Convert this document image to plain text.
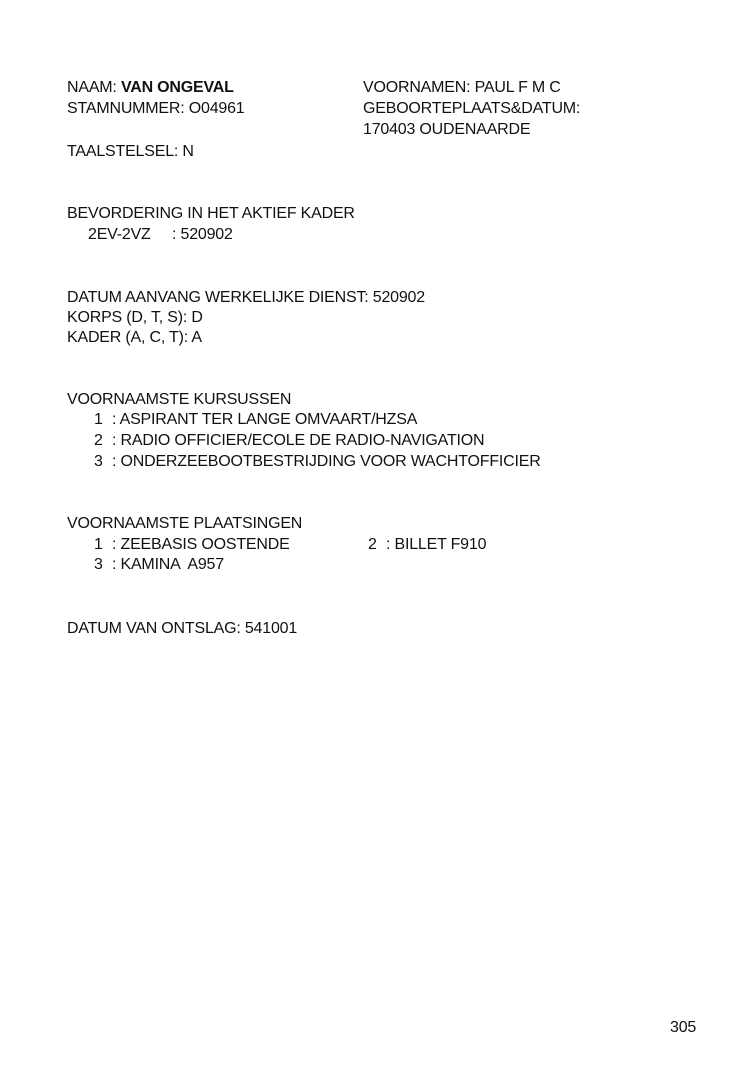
NAAM: VAN ONGEVAL
STAMNUMMER: O04961
TAALSTELSEL: N
VOORNAMEN: PAUL F M C
GEBOORTEPLAATS&DATUM:
170403 OUDENAARDE
BEVORDERING IN HET AKTIEF KADER
2EV-2VZ : 520902
DATUM AANVANG WERKELIJKE DIENST: 520902
KORPS (D, T, S): D
KADER (A, C, T): A
VOORNAAMSTE KURSUSSEN
1 : ASPIRANT TER LANGE OMVAART/HZSA
2 : RADIO OFFICIER/ECOLE DE RADIO-NAVIGATION
3 : ONDERZEEBOOTBESTRIJDING VOOR WACHTOFFICIER
VOORNAAMSTE PLAATSINGEN
1 : ZEEBASIS OOSTENDE	2 : BILLET F910
3 : KAMINA  A957
DATUM VAN ONTSLAG: 541001
305
